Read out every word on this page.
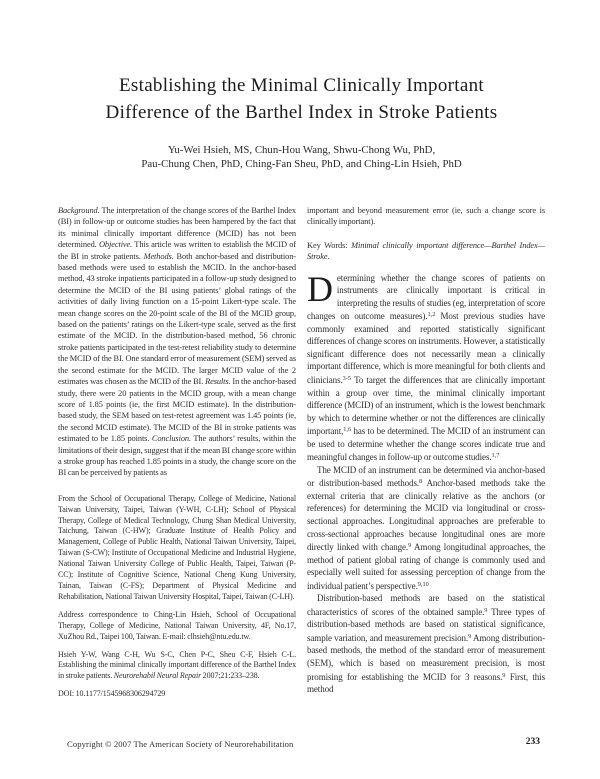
Establishing the Minimal Clinically Important
Difference of the Barthel Index in Stroke Patients
Yu-Wei Hsieh, MS, Chun-Hou Wang, Shwu-Chong Wu, PhD,
Pau-Chung Chen, PhD, Ching-Fan Sheu, PhD, and Ching-Lin Hsieh, PhD

Background. The interpretation of the change scores of the Barthel Index (BI) in follow-up or outcome studies has been hampered by the fact that its minimal clinically important difference (MCID) has not been determined. Objective. This article was written to establish the MCID of the BI in stroke patients. Methods. Both anchor-based and distribution-based methods were used to establish the MCID. In the anchor-based method, 43 stroke inpatients participated in a follow-up study designed to determine the MCID of the BI using patients’ global ratings of the activities of daily living function on a 15-point Likert-type scale. The mean change scores on the 20-point scale of the BI of the MCID group, based on the patients’ ratings on the Likert-type scale, served as the first estimate of the MCID. In the distribution-based method, 56 chronic stroke patients participated in the test-retest reliability study to determine the MCID of the BI. One standard error of measurement (SEM) served as the second estimate for the MCID. The larger MCID value of the 2 estimates was chosen as the MCID of the BI. Results. In the anchor-based study, there were 20 patients in the MCID group, with a mean change score of 1.85 points (ie, the first MCID estimate). In the distribution-based study, the SEM based on test-retest agreement was 1.45 points (ie, the second MCID estimate). The MCID of the BI in stroke patients was estimated to be 1.85 points. Conclusion. The authors’ results, within the limitations of their design, suggest that if the mean BI change score within a stroke group has reached 1.85 points in a study, the change score on the BI can be perceived by patients as

From the School of Occupational Therapy, College of Medicine, National Taiwan University, Taipei, Taiwan (Y-WH, C-LH); School of Physical Therapy, College of Medical Technology, Chung Shan Medical University, Taichung, Taiwan (C-HW); Graduate Institute of Health Policy and Management, College of Public Health, National Taiwan University, Taipei, Taiwan (S-CW); Institute of Occupational Medicine and Industrial Hygiene, National Taiwan University College of Public Health, Taipei, Taiwan (P-CC); Institute of Cognitive Science, National Cheng Kung University, Tainan, Taiwan (C-FS); Department of Physical Medicine and Rehabilitation, National Taiwan University Hospital, Taipei, Taiwan (C-LH).

Address correspondence to Ching-Lin Hsieh, School of Occupational Therapy, College of Medicine, National Taiwan University, 4F, No.17, XuZhou Rd., Taipei 100, Taiwan. E-mail: clhsieh@ntu.edu.tw.

Hsieh Y-W, Wang C-H, Wu S-C, Chen P-C, Sheu C-F, Hsieh C-L. Establishing the minimal clinically important difference of the Barthel Index in stroke patients. Neurorehabil Neural Repair 2007;21:233–238.

DOI: 10.1177/1545968306294729

important and beyond measurement error (ie, such a change score is clinically important).

Key Words: Minimal clinically important difference—Barthel Index—Stroke.

Determining whether the change scores of patients on instruments are clinically important is critical in interpreting the results of studies (eg, interpretation of score changes on outcome measures).$^{1,2}$ Most previous studies have commonly examined and reported statistically significant differences of change scores on instruments. However, a statistically significant difference does not necessarily mean a clinically important difference, which is more meaningful for both clients and clinicians.$^{3-5}$ To target the differences that are clinically important within a group over time, the minimal clinically important difference (MCID) of an instrument, which is the lowest benchmark by which to determine whether or not the differences are clinically important,$^{1,6}$ has to be determined. The MCID of an instrument can be used to determine whether the change scores indicate true and meaningful changes in follow-up or outcome studies.$^{1,7}$

The MCID of an instrument can be determined via anchor-based or distribution-based methods.$^8$ Anchor-based methods take the external criteria that are clinically relative as the anchors (or references) for determining the MCID via longitudinal or cross-sectional approaches. Longitudinal approaches are preferable to cross-sectional approaches because longitudinal ones are more directly linked with change.$^9$ Among longitudinal approaches, the method of patient global rating of change is commonly used and especially well suited for assessing perception of change from the individual patient’s perspective.$^{9,10}$

Distribution-based methods are based on the statistical characteristics of scores of the obtained sample.$^9$ Three types of distribution-based methods are based on statistical significance, sample variation, and measurement precision.$^9$ Among distribution-based methods, the method of the standard error of measurement (SEM), which is based on measurement precision, is most promising for establishing the MCID for 3 reasons.$^9$ First, this method

Copyright © 2007 The American Society of Neurorehabilitation	233
